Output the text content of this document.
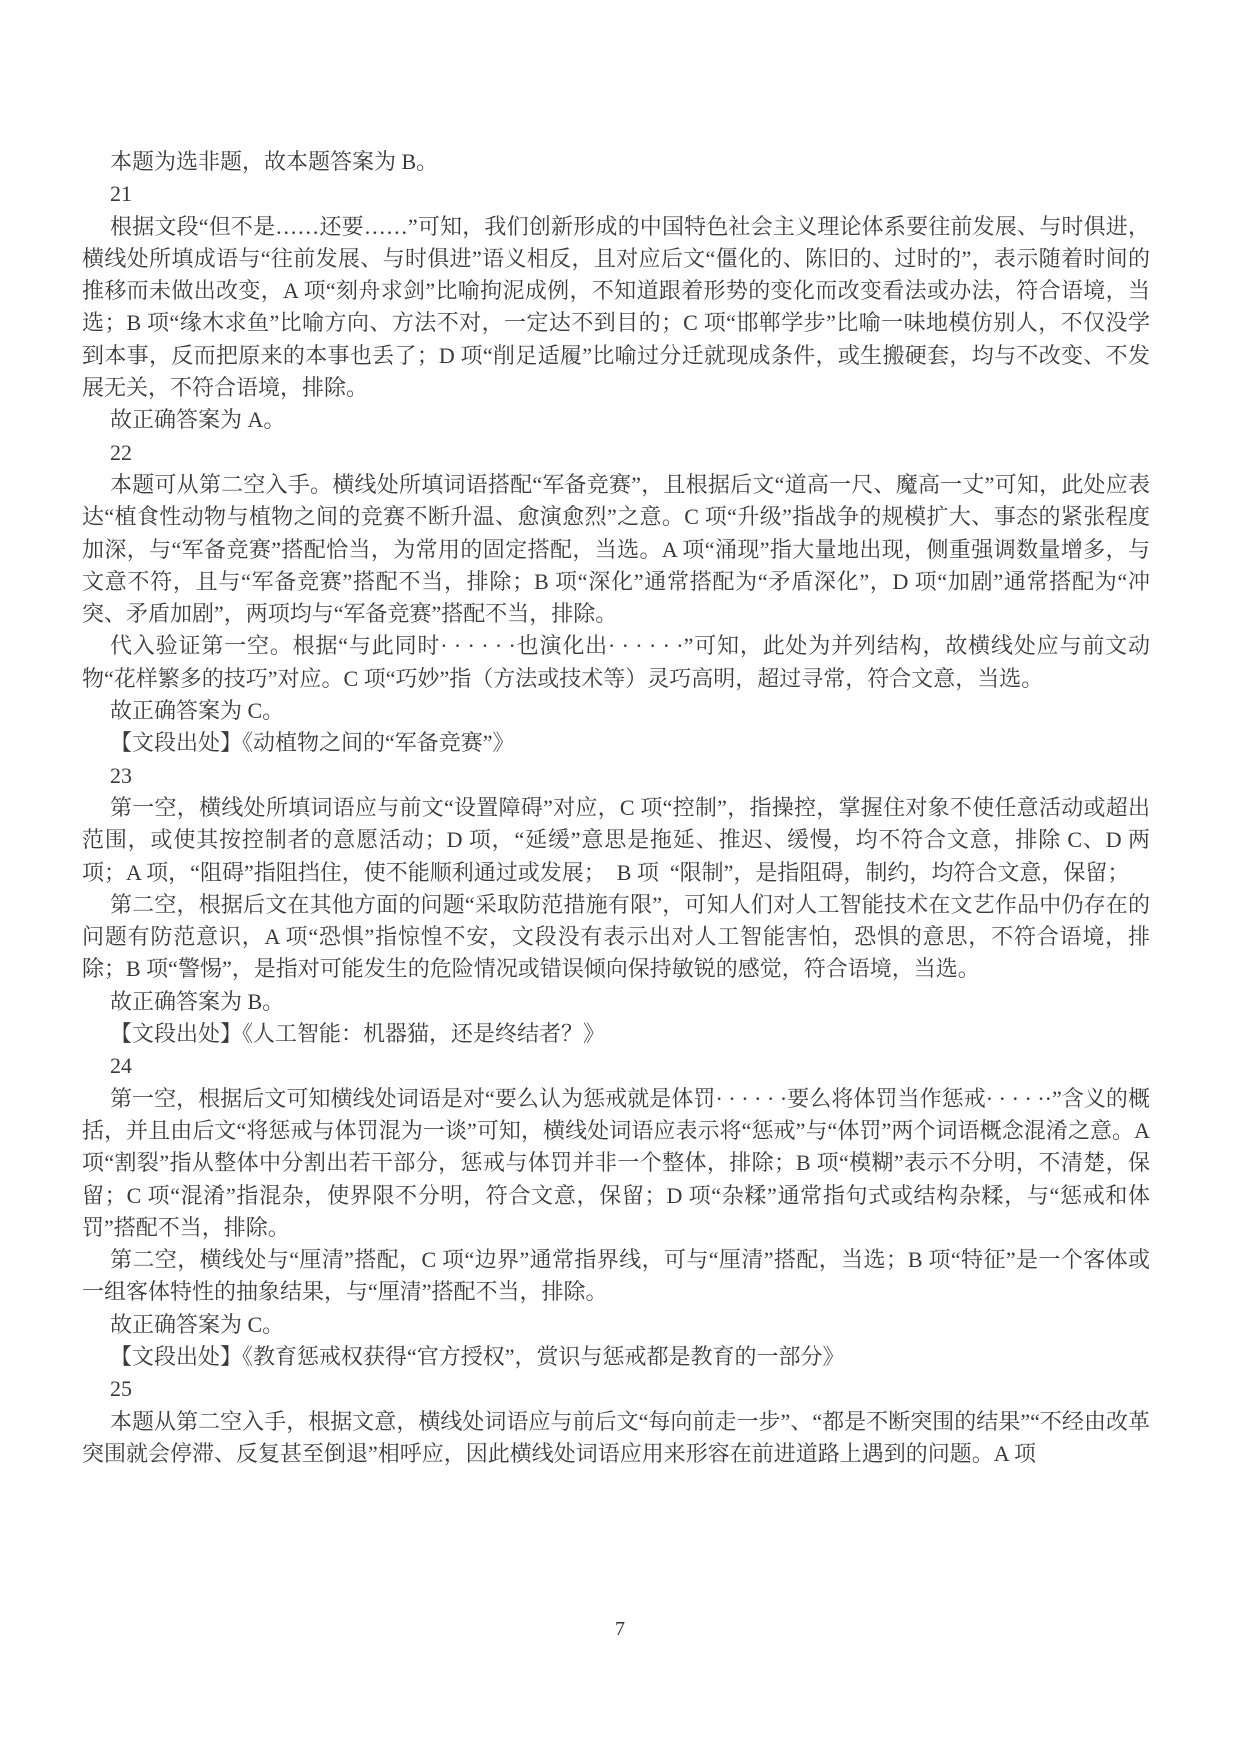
本题为选非题，故本题答案为 B。

21

根据文段“但不是……还要……”可知，我们创新形成的中国特色社会主义理论体系要往前发展、与时俱进，横线处所填成语与“往前发展、与时俱进”语义相反，且对应后文“僵化的、陈旧的、过时的”，表示随着时间的推移而未做出改变，A 项“刻舟求剑”比喻拘泥成例，不知道跟着形势的变化而改变看法或办法，符合语境，当选；B 项“缘木求鱼”比喻方向、方法不对，一定达不到目的；C 项“邯郸学步”比喻一味地模仿别人，不仅没学到本事，反而把原来的本事也丢了；D 项“削足适履”比喻过分迁就现成条件，或生搬硬套，均与不改变、不发展无关，不符合语境，排除。

故正确答案为 A。

22

本题可从第二空入手。横线处所填词语搭配“军备竞赛”，且根据后文“道高一尺、魔高一丈”可知，此处应表达“植食性动物与植物之间的竞赛不断升温、愈演愈烈”之意。C 项“升级”指战争的规模扩大、事态的紧张程度加深，与“军备竞赛”搭配恰当，为常用的固定搭配，当选。A 项“涌现”指大量地出现，侧重强调数量增多，与文意不符，且与“军备竞赛”搭配不当，排除；B 项“深化”通常搭配为“矛盾深化”，D 项“加剧”通常搭配为“冲突、矛盾加剧”，两项均与“军备竞赛”搭配不当，排除。

代入验证第一空。根据“与此同时· · · · · ·也演化出· · · · · ·”可知，此处为并列结构，故横线处应与前文动物“花样繁多的技巧”对应。C 项“巧妙”指（方法或技术等）灵巧高明，超过寻常，符合文意，当选。

故正确答案为 C。

【文段出处】《动植物之间的“军备竞赛”》

23

第一空，横线处所填词语应与前文“设置障碍”对应，C 项“控制”，指操控，掌握住对象不使任意活动或超出范围，或使其按控制者的意愿活动；D 项，“延缓”意思是拖延、推迟、缓慢，均不符合文意，排除 C、D 两项；A 项，“阻碍”指阻挡住，使不能顺利通过或发展；  B 项  “限制”，是指阻碍，制约，均符合文意，保留；

第二空，根据后文在其他方面的问题“采取防范措施有限”，可知人们对人工智能技术在文艺作品中仍存在的问题有防范意识，A 项“恐惧”指惊惶不安，文段没有表示出对人工智能害怕，恐惧的意思，不符合语境，排除；B 项“警惕”，是指对可能发生的危险情况或错误倾向保持敏锐的感觉，符合语境，当选。

故正确答案为 B。

【文段出处】《人工智能：机器猫，还是终结者？》

24

第一空，根据后文可知横线处词语是对“要么认为惩戒就是体罚· · · · · ·要么将体罚当作惩戒· · · · ··”含义的概括，并且由后文“将惩戒与体罚混为一谈”可知，横线处词语应表示将“惩戒”与“体罚”两个词语概念混淆之意。A 项“割裂”指从整体中分割出若干部分，惩戒与体罚并非一个整体，排除；B 项“模糊”表示不分明，不清楚，保留；C 项“混淆”指混杂，使界限不分明，符合文意，保留；D 项“杂糅”通常指句式或结构杂糅，与“惩戒和体罚”搭配不当，排除。

第二空，横线处与“厘清”搭配，C 项“边界”通常指界线，可与“厘清”搭配，当选；B 项“特征”是一个客体或一组客体特性的抽象结果，与“厘清”搭配不当，排除。

故正确答案为 C。

【文段出处】《教育惩戒权获得“官方授权”，赏识与惩戒都是教育的一部分》

25

本题从第二空入手，根据文意，横线处词语应与前后文“每向前走一步”、“都是不断突围的结果”“不经由改革突围就会停滞、反复甚至倒退”相呼应，因此横线处词语应用来形容在前进道路上遇到的问题。A 项

7
